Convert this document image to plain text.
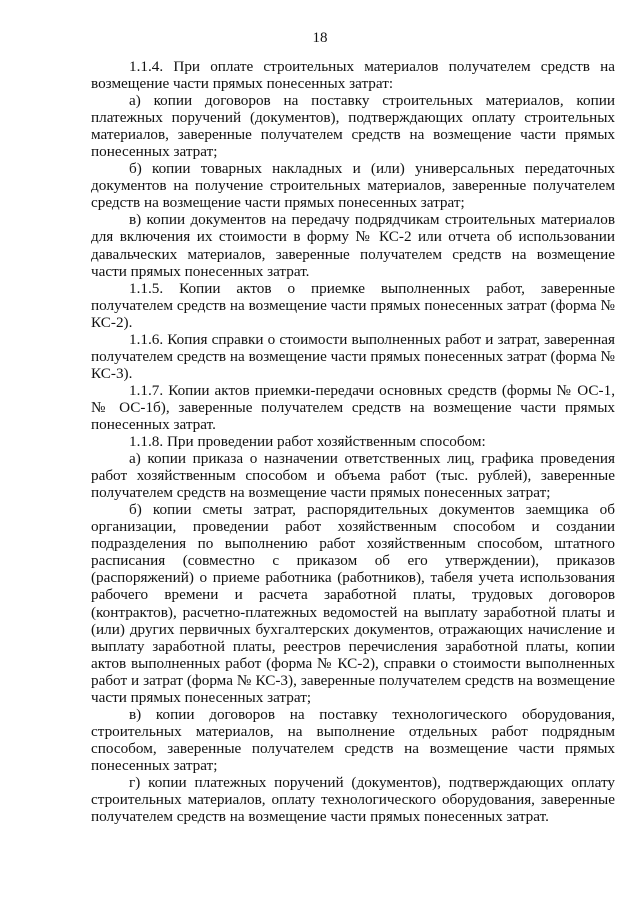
18

1.1.4. При оплате строительных материалов получателем средств на возмещение части прямых понесенных затрат:

а) копии договоров на поставку строительных материалов, копии платежных поручений (документов), подтверждающих оплату строительных материалов, заверенные получателем средств на возмещение части прямых понесенных затрат;

б) копии товарных накладных и (или) универсальных передаточных документов на получение строительных материалов, заверенные получателем средств на возмещение части прямых понесенных затрат;

в) копии документов на передачу подрядчикам строительных материалов для включения их стоимости в форму № КС-2 или отчета об использовании давальческих материалов, заверенные получателем средств на возмещение части прямых понесенных затрат.

1.1.5. Копии актов о приемке выполненных работ, заверенные получателем средств на возмещение части прямых понесенных затрат (форма № КС-2).

1.1.6. Копия справки о стоимости выполненных работ и затрат, заверенная получателем средств на возмещение части прямых понесенных затрат (форма № КС-3).

1.1.7. Копии актов приемки-передачи основных средств (формы № ОС-1, № ОС-1б), заверенные получателем средств на возмещение части прямых понесенных затрат.

1.1.8. При проведении работ хозяйственным способом:

а) копии приказа о назначении ответственных лиц, графика проведения работ хозяйственным способом и объема работ (тыс. рублей), заверенные получателем средств на возмещение части прямых понесенных затрат;

б) копии сметы затрат, распорядительных документов заемщика об организации, проведении работ хозяйственным способом и создании подразделения по выполнению работ хозяйственным способом, штатного расписания (совместно с приказом об его утверждении), приказов (распоряжений) о приеме работника (работников), табеля учета использования рабочего времени и расчета заработной платы, трудовых договоров (контрактов), расчетно-платежных ведомостей на выплату заработной платы и (или) других первичных бухгалтерских документов, отражающих начисление и выплату заработной платы, реестров перечисления заработной платы, копии актов выполненных работ (форма № КС-2), справки о стоимости выполненных работ и затрат (форма № КС-3), заверенные получателем средств на возмещение части прямых понесенных затрат;

в) копии договоров на поставку технологического оборудования, строительных материалов, на выполнение отдельных работ подрядным способом, заверенные получателем средств на возмещение части прямых понесенных затрат;

г) копии платежных поручений (документов), подтверждающих оплату строительных материалов, оплату технологического оборудования, заверенные получателем средств на возмещение части прямых понесенных затрат.
